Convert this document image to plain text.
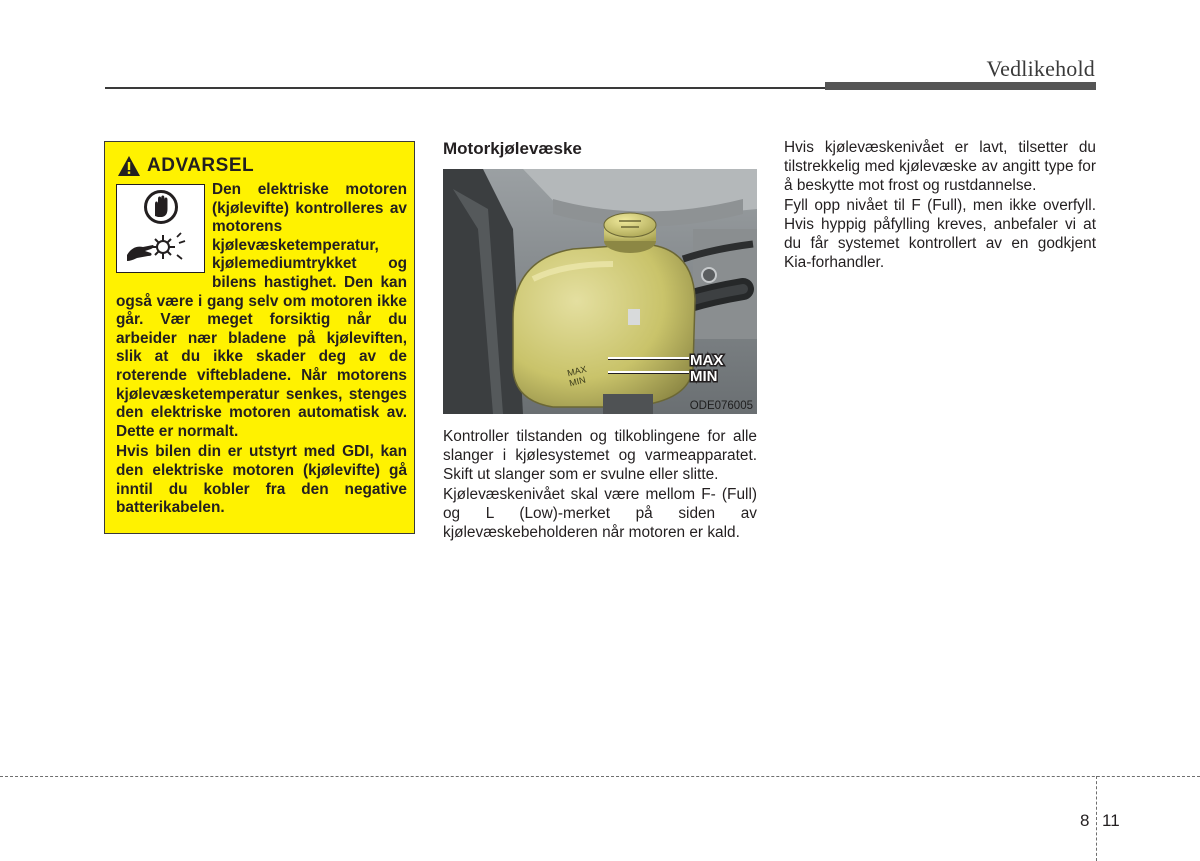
Vedlikehold
ADVARSEL

Den elektriske motoren (kjølevifte) kontrolleres av motorens kjølevæsketemperatur, kjølemediumtrykket og bilens hastighet. Den kan også være i gang selv om motoren ikke går. Vær meget forsiktig når du arbeider nær bladene på kjøleviften, slik at du ikke skader deg av de roterende viftebladene. Når motorens kjølevæsketemperatur senkes, stenges den elektriske motoren automatisk av. Dette er normalt.

Hvis bilen din er utstyrt med GDI, kan den elektriske motoren (kjølevifte) gå inntil du kobler fra den negative batterikabelen.

Motorkjølevæske
MAX
MIN
MAX
MIN
ODE076005

Kontroller tilstanden og tilkoblingene for alle slanger i kjølesystemet og varmeapparatet. Skift ut slanger som er svulne eller slitte.

Kjølevæskenivået skal være mellom F- (Full) og L (Low)-merket på siden av kjølevæskebeholderen når motoren er kald.

Hvis kjølevæskenivået er lavt, tilsetter du tilstrekkelig med kjølevæske av angitt type for å beskytte mot frost og rustdannelse.

Fyll opp nivået til F (Full), men ikke overfyll. Hvis hyppig påfylling kreves, anbefaler vi at du får systemet kontrollert av en godkjent Kia-forhandler.

8 11
